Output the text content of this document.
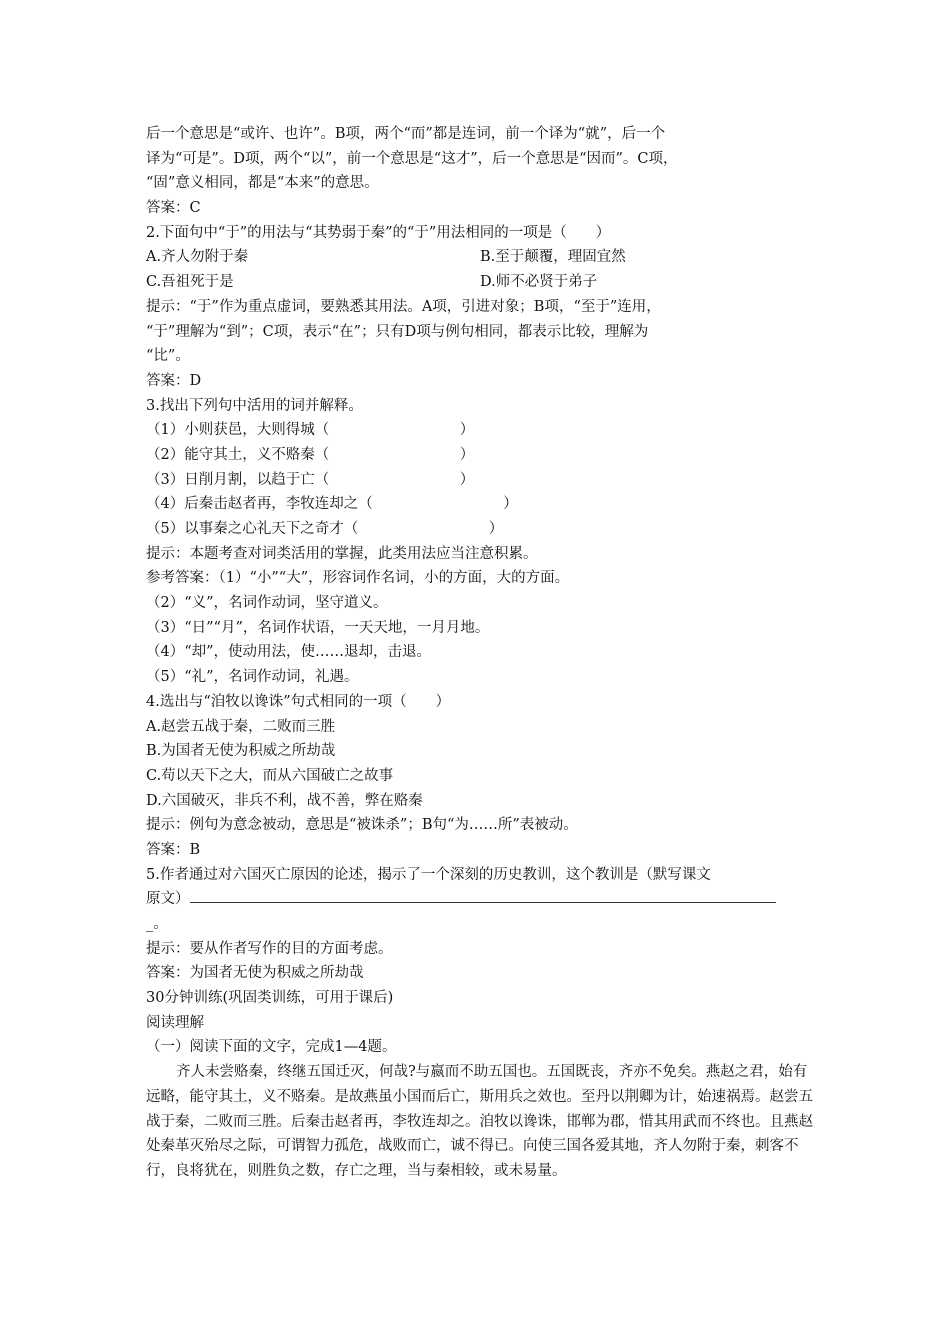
后一个意思是“或许、也许”。B项，两个“而”都是连词，前一个译为“就”，后一个
译为“可是”。D项，两个“以”，前一个意思是“这才”，后一个意思是“因而”。C项，
“固”意义相同，都是“本来”的意思。
答案：C
2.下面句中“于”的用法与“其势弱于秦”的“于”用法相同的一项是（　　）
A.齐人勿附于秦	B.至于颠覆，理固宜然
C.吾祖死于是	D.师不必贤于弟子
提示：“于”作为重点虚词，要熟悉其用法。A项，引进对象；B项，“至于”连用，
“于”理解为“到”；C项，表示“在”；只有D项与例句相同，都表示比较，理解为
“比”。
答案：D
3.找出下列句中活用的词并解释。
（1）小则获邑，大则得城（　　　　　　　　　）
（2）能守其土，义不赂秦（　　　　　　　　　）
（3）日削月割，以趋于亡（　　　　　　　　　）
（4）后秦击赵者再，李牧连却之（　　　　　　　　　）
（5）以事秦之心礼天下之奇才（　　　　　　　　　）
提示：本题考查对词类活用的掌握，此类用法应当注意积累。
参考答案：（1）“小”“大”，形容词作名词，小的方面，大的方面。
（2）“义”，名词作动词，坚守道义。
（3）“日”“月”，名词作状语，一天天地，一月月地。
（4）“却”，使动用法，使……退却，击退。
（5）“礼”，名词作动词，礼遇。
4.选出与“洎牧以谗诛”句式相同的一项（　　）
A.赵尝五战于秦，二败而三胜
B.为国者无使为积威之所劫哉
C.苟以天下之大，而从六国破亡之故事
D.六国破灭，非兵不利，战不善，弊在赂秦
提示：例句为意念被动，意思是“被诛杀”；B句“为……所”表被动。
答案：B
5.作者通过对六国灭亡原因的论述，揭示了一个深刻的历史教训，这个教训是（默写课文
原文）
_。
提示：要从作者写作的目的方面考虑。
答案：为国者无使为积威之所劫哉
30分钟训练(巩固类训练，可用于课后)
阅读理解
（一）阅读下面的文字，完成1—4题。
齐人未尝赂秦，终继五国迁灭，何哉?与嬴而不助五国也。五国既丧，齐亦不免矣。燕赵之君，始有远略，能守其土，义不赂秦。是故燕虽小国而后亡，斯用兵之效也。至丹以荆卿为计，始速祸焉。赵尝五战于秦，二败而三胜。后秦击赵者再，李牧连却之。洎牧以谗诛，邯郸为郡，惜其用武而不终也。且燕赵处秦革灭殆尽之际，可谓智力孤危，战败而亡，诚不得已。向使三国各爱其地，齐人勿附于秦，刺客不行，良将犹在，则胜负之数，存亡之理，当与秦相较，或未易量。
